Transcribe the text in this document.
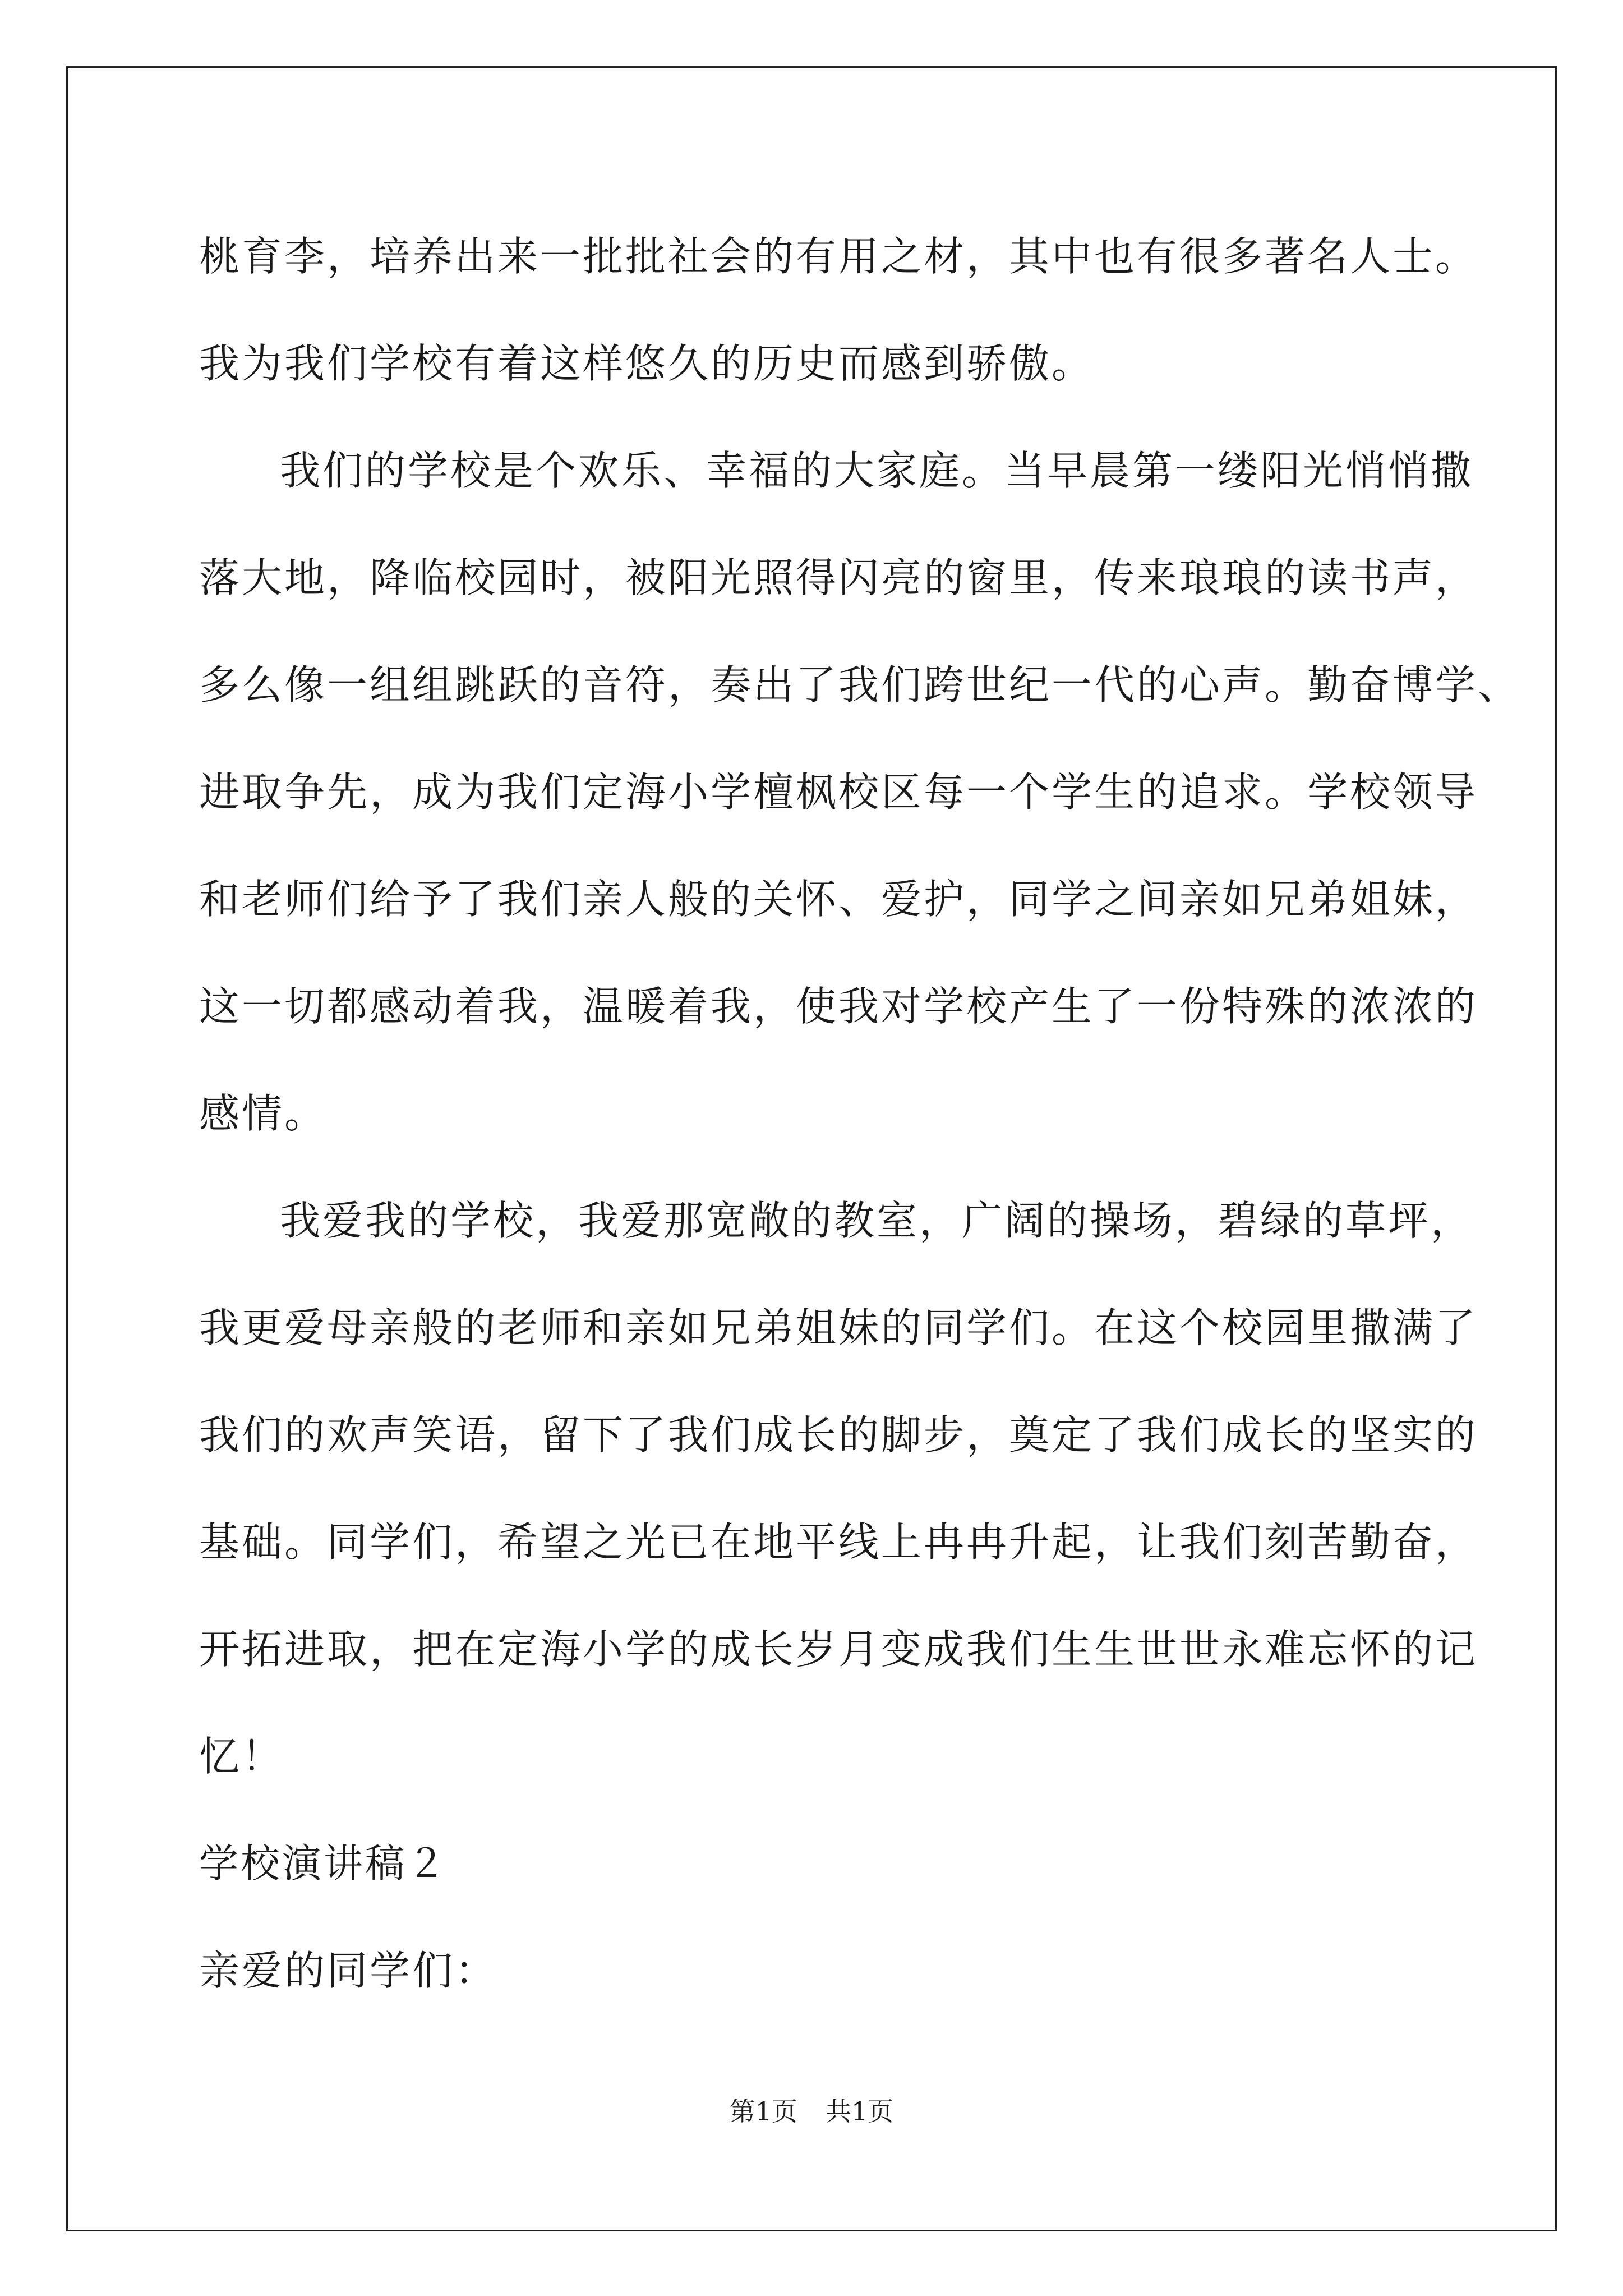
桃育李，培养出来一批批社会的有用之材，其中也有很多著名人士。

我为我们学校有着这样悠久的历史而感到骄傲。

我们的学校是个欢乐、幸福的大家庭。当早晨第一缕阳光悄悄撒

落大地，降临校园时，被阳光照得闪亮的窗里，传来琅琅的读书声，

多么像一组组跳跃的音符，奏出了我们跨世纪一代的心声。勤奋博学、

进取争先，成为我们定海小学檀枫校区每一个学生的追求。学校领导

和老师们给予了我们亲人般的关怀、爱护，同学之间亲如兄弟姐妹，

这一切都感动着我，温暖着我，使我对学校产生了一份特殊的浓浓的

感情。

我爱我的学校，我爱那宽敞的教室，广阔的操场，碧绿的草坪，

我更爱母亲般的老师和亲如兄弟姐妹的同学们。在这个校园里撒满了

我们的欢声笑语，留下了我们成长的脚步，奠定了我们成长的坚实的

基础。同学们，希望之光已在地平线上冉冉升起，让我们刻苦勤奋，

开拓进取，把在定海小学的成长岁月变成我们生生世世永难忘怀的记

忆！

学校演讲稿２

亲爱的同学们：

第1页 共1页
